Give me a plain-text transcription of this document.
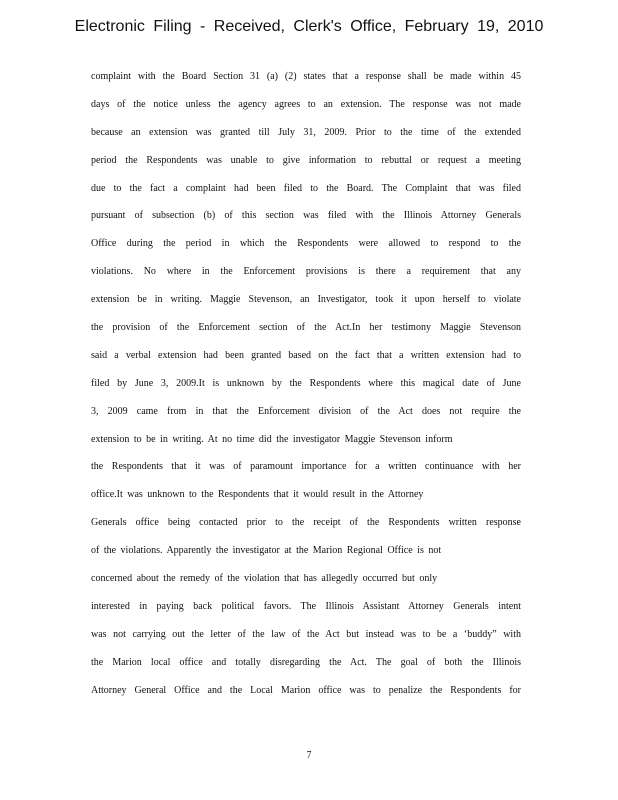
Electronic Filing - Received, Clerk's Office, February 19, 2010
complaint with the Board Section 31 (a) (2) states that a response shall be made within 45
days of the notice unless the agency agrees to an extension. The response was not made
because an extension was granted till July 31, 2009. Prior to the time of the extended
period the Respondents was unable to give information to rebuttal or request a meeting
due to the fact a complaint had been filed to the Board. The Complaint that was filed
pursuant of subsection (b) of this section was filed with the Illinois Attorney Generals
Office during the period in which the Respondents were allowed to respond to the
violations. No where in the Enforcement provisions is there a requirement that any
extension be in writing. Maggie Stevenson, an Investigator, took it upon herself to violate
the provision of the Enforcement section of the Act.In her testimony Maggie Stevenson
said a verbal extension had been granted based on the fact that a written extension had to
filed by June 3, 2009.It is unknown by the Respondents where this magical date of June
3, 2009 came from in that the Enforcement division of the Act does not require the
extension to be in writing. At no time did the investigator Maggie Stevenson inform
the Respondents that it was of paramount importance for a written continuance with her
office.It was unknown to the Respondents that it would result in the Attorney
Generals office being contacted prior to the receipt of the Respondents written response
of the violations. Apparently the investigator at the Marion Regional Office is not
concerned about the remedy of the violation that has allegedly occurred but only
interested in paying back political favors. The Illinois Assistant Attorney Generals intent
was not carrying out the letter of the law of the Act but instead was to be a ‘buddy” with
the Marion local office and totally disregarding the Act. The goal of both the Illinois
Attorney General Office and the Local Marion office was to penalize the Respondents for
7
